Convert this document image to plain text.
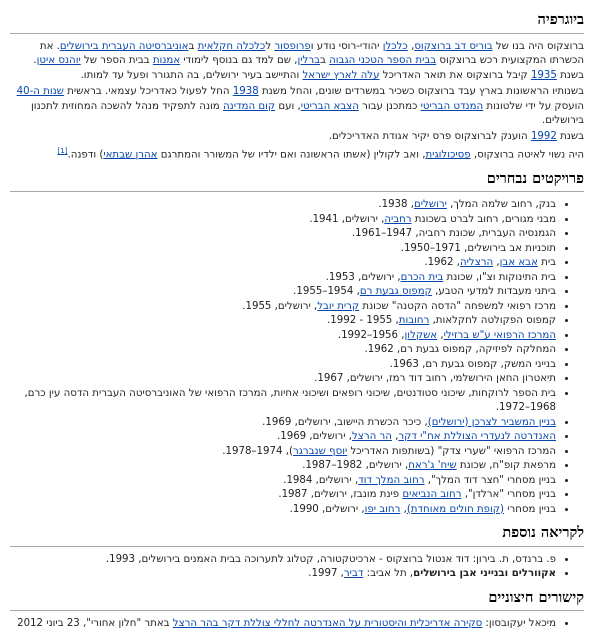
ביוגרפיה

ברוצקוס היה בנו של בוריס דב ברוצקוס, כלכלן יהודי-רוסי נודע ופרופסור לכלכלה חקלאית באוניברסיטה העברית בירושלים. את הכשרתו המקצועית רכש ברוצקוס בבית הספר הטכני הגבוה בברלין, שם למד גם בנוסף לימודי אמנות בבית הספר של יוהנס איטן. בשנת 1935 קיבל ברוצקוס את תואר האדריכל עלה לארץ ישראל והתיישב בעיר ירושלים, בה התגורר ופעל עד למותו.

בשנותיו הראשונות בארץ עבד ברוצקוס כשכיר במשרדים שונים, והחל משנת 1938 החל לפעול כאדריכל עצמאי. בראשית שנות ה-40 הועסק על ידי שלטונות המנדט הבריטי כמתכנן עבור הצבא הבריטי, ועם קום המדינה מונה לתפקיד מנהל להשכה המחוזית לתכנון בירושלים.

בשנת 1992 הוענק לברוצקוס פרס יקיר אגודת האדריכלים.

היה נשוי לאיטה ברוצקוס, פסיכולוגית, ואב לקולין (אשתו הראשונה ואם ילדיו של המשורר והמתרגם אהרן שבתאי) ודפנה.[1]

פרויקטים נבחרים
• בנק, רחוב שלמה המלך, ירושלים, 1938.
• מבני מגורים, רחוב לברט בשכונת רחביה, ירושלים, 1941.
• הגמנסיה העברית, שכונת רחביה, 1947–1961.
• תוכניות אב בירושלים, 1971–1950.
• בית אבא אבן, הרצליה, 1962.
• בית התינוקות וצ"ו, שכונת בית הכרם, ירושלים, 1953.
• ביתני מעבדות למדעי הטבע, קמפוס גבעת רם, 1954–1955.
• מרכז רפואי למשפחה "הדסה הקטנה" שכונת קרית יובל, ירושלים, 1955.
• קמפוס הפקולטה לחקלאות, רחובות, 1955 - 1992.
• המרכז הרפואי ע"ש ברזילי, אשקלון, 1956–1992.
• המחלקה לפיזיקה, קמפוס גבעת רם, 1962.
• בנייני המשק, קמפוס גבעת רם, 1963.
• תיאטרון החאן הירושלמי, רחוב דוד רמז, ירושלים, 1967.
• בית הספר לרוקחות, שיכוני סטודנטים, שיכוני רופאים ושיכוני אחיות, המרכז הרפואי של האוניברסיטה העברית הדסה עין כרם, 1968–1972.
• בניין המשביר לצרכן (ירושלים), כיכר הכשרת היישוב, ירושלים, 1969.
• האנדרטה לנעדרי הצוללת אח"י דקר, הר הרצל, ירושלים, 1969.
• המרכז הרפואי "שערי צדק" (בשותפות האדריכל יוסף שנברגר), 1974–1978.
• מרפאת קופ"ח, שכונת שיח' ג'ראח, ירושלים, 1982–1987.
• בניין מסחרי "חצר דוד המלך", רחוב המלך דוד, ירושלים, 1984.
• בניין מסחרי "ארלדן", רחוב הנביאים פינת מונבז, ירושלים, 1987.
• בניין מסחרי (קופת חולים מאוחדת), רחוב יפו, ירושלים, 1990.
לקריאה נוספת
• פ. ברנדס, ת. בירון: דוד אנטול ברוצקוס - ארכיטקטורה, קטלוג לתערוכה בבית האמנים בירושלים, 1993.
• אקוורלים ובנייני אבן בירושלים, תל אביב: דביר, 1997.
קישורים חיצוניים
• מיכאל יעקובסון: סקירה אדריכלית והיסטורית על האנדרטה לחללי צוללת דקר בהר הרצל באתר "חלון אחורי", 23 ביוני 2012
